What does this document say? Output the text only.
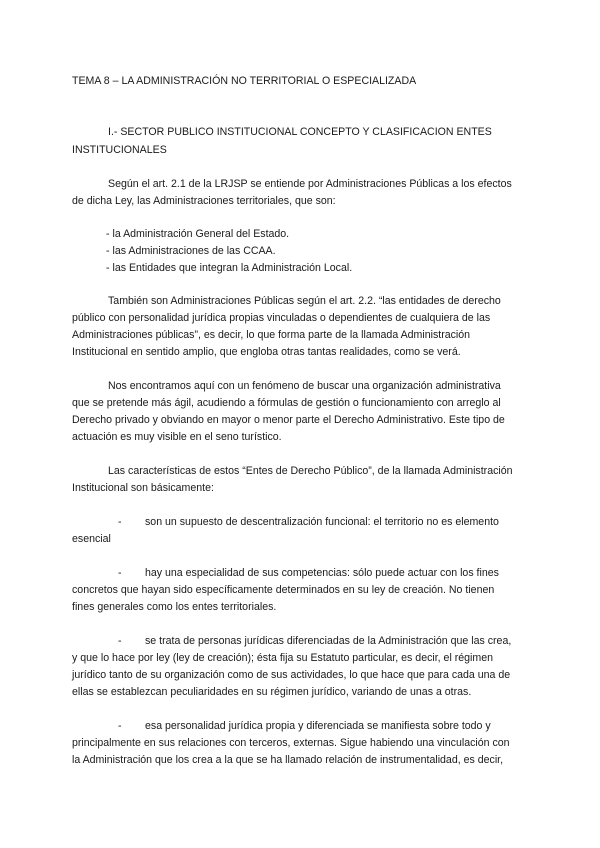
TEMA 8 – LA ADMINISTRACIÓN NO TERRITORIAL O ESPECIALIZADA
I.- SECTOR PUBLICO INSTITUCIONAL CONCEPTO Y CLASIFICACION ENTES
INSTITUCIONALES
Según el art. 2.1 de la LRJSP se entiende por Administraciones Públicas a los efectos
de dicha Ley, las Administraciones territoriales, que son:
- la Administración General del Estado.
- las Administraciones de las CCAA.
- las Entidades que integran la Administración Local.
También son Administraciones Públicas según el art. 2.2. “las entidades de derecho
público con personalidad jurídica propias vinculadas o dependientes de cualquiera de las
Administraciones públicas”, es decir, lo que forma parte de la llamada Administración
Institucional en sentido amplio, que engloba otras tantas realidades, como se verá.
Nos encontramos aquí con un fenómeno de buscar una organización administrativa
que se pretende más ágil, acudiendo a fórmulas de gestión o funcionamiento con arreglo al
Derecho privado y obviando en mayor o menor parte el Derecho Administrativo. Este tipo de
actuación es muy visible en el seno turístico.
Las características de estos “Entes de Derecho Público”, de la llamada Administración
Institucional son básicamente:
- son un supuesto de descentralización funcional: el territorio no es elemento
esencial
- hay una especialidad de sus competencias: sólo puede actuar con los fines
concretos que hayan sido específicamente determinados en su ley de creación. No tienen
fines generales como los entes territoriales.
- se trata de personas jurídicas diferenciadas de la Administración que las crea,
y que lo hace por ley (ley de creación); ésta fija su Estatuto particular, es decir, el régimen
jurídico tanto de su organización como de sus actividades, lo que hace que para cada una de
ellas se establezcan peculiaridades en su régimen jurídico, variando de unas a otras.
- esa personalidad jurídica propia y diferenciada se manifiesta sobre todo y
principalmente en sus relaciones con terceros, externas. Sigue habiendo una vinculación con
la Administración que los crea a la que se ha llamado relación de instrumentalidad, es decir,
